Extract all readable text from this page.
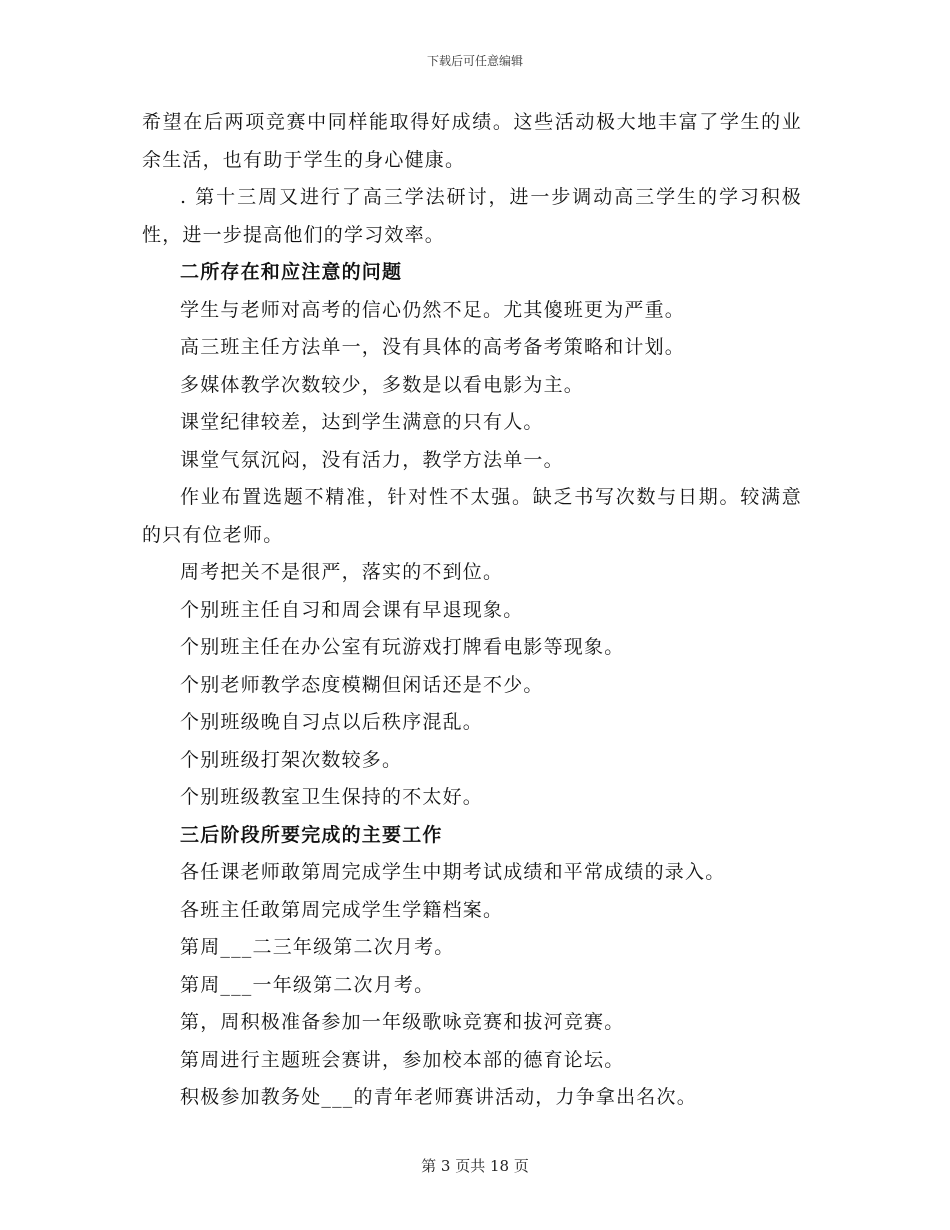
下载后可任意编辑

希望在后两项竞赛中同样能取得好成绩。这些活动极大地丰富了学生的业余生活，也有助于学生的身心健康。

. 第十三周又进行了高三学法研讨，进一步调动高三学生的学习积极性，进一步提高他们的学习效率。

二所存在和应注意的问题

学生与老师对高考的信心仍然不足。尤其傻班更为严重。

高三班主任方法单一，没有具体的高考备考策略和计划。

多媒体教学次数较少，多数是以看电影为主。

课堂纪律较差，达到学生满意的只有人。

课堂气氛沉闷，没有活力，教学方法单一。

作业布置选题不精准，针对性不太强。缺乏书写次数与日期。较满意的只有位老师。

周考把关不是很严，落实的不到位。

个别班主任自习和周会课有早退现象。

个别班主任在办公室有玩游戏打牌看电影等现象。

个别老师教学态度模糊但闲话还是不少。

个别班级晚自习点以后秩序混乱。

个别班级打架次数较多。

个别班级教室卫生保持的不太好。

三后阶段所要完成的主要工作

各任课老师敢第周完成学生中期考试成绩和平常成绩的录入。

各班主任敢第周完成学生学籍档案。

第周___二三年级第二次月考。

第周___一年级第二次月考。

第，周积极准备参加一年级歌咏竞赛和拔河竞赛。

第周进行主题班会赛讲，参加校本部的德育论坛。

积极参加教务处___的青年老师赛讲活动，力争拿出名次。

第 3 页共 18 页
